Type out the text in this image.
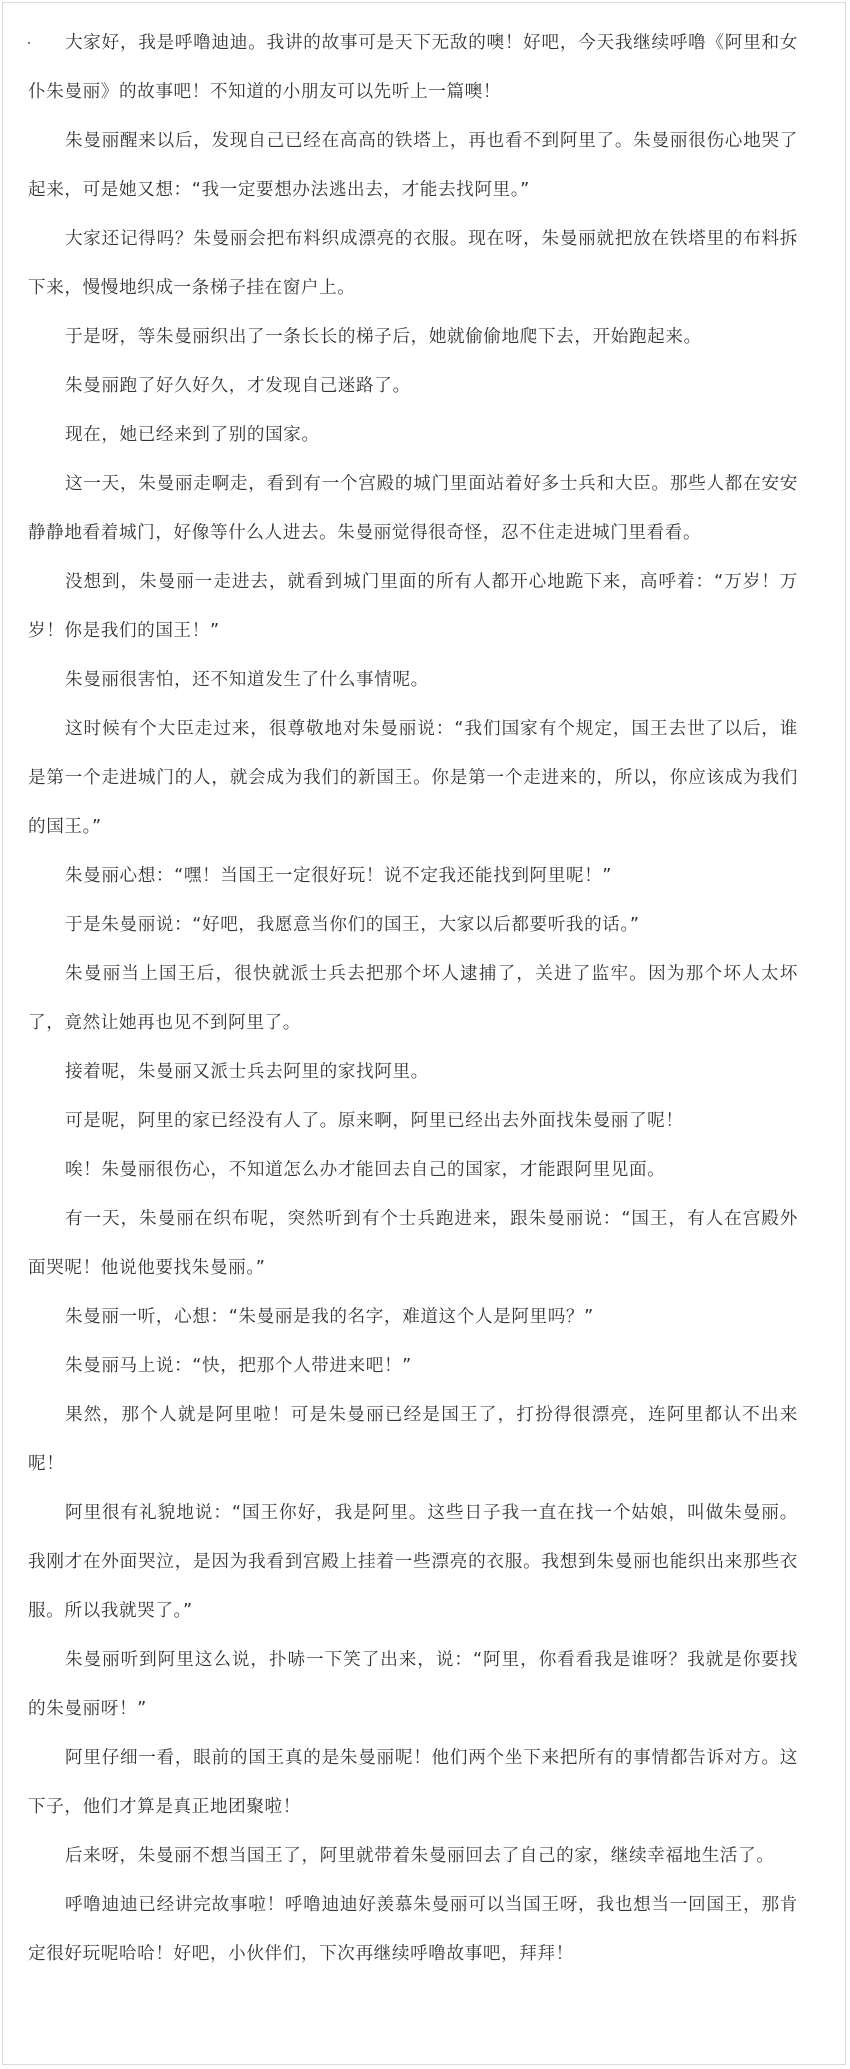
大家好，我是呼噜迪迪。我讲的故事可是天下无敌的噢！好吧，今天我继续呼噜《阿里和女仆朱曼丽》的故事吧！不知道的小朋友可以先听上一篇噢！

朱曼丽醒来以后，发现自己已经在高高的铁塔上，再也看不到阿里了。朱曼丽很伤心地哭了起来，可是她又想：“我一定要想办法逃出去，才能去找阿里。”

大家还记得吗？朱曼丽会把布料织成漂亮的衣服。现在呀，朱曼丽就把放在铁塔里的布料拆下来，慢慢地织成一条梯子挂在窗户上。

于是呀，等朱曼丽织出了一条长长的梯子后，她就偷偷地爬下去，开始跑起来。

朱曼丽跑了好久好久，才发现自己迷路了。

现在，她已经来到了别的国家。

这一天，朱曼丽走啊走，看到有一个宫殿的城门里面站着好多士兵和大臣。那些人都在安安静静地看着城门，好像等什么人进去。朱曼丽觉得很奇怪，忍不住走进城门里看看。

没想到，朱曼丽一走进去，就看到城门里面的所有人都开心地跪下来，高呼着：“万岁！万岁！你是我们的国王！”

朱曼丽很害怕，还不知道发生了什么事情呢。

这时候有个大臣走过来，很尊敬地对朱曼丽说：“我们国家有个规定，国王去世了以后，谁是第一个走进城门的人，就会成为我们的新国王。你是第一个走进来的，所以，你应该成为我们的国王。”

朱曼丽心想：“嘿！当国王一定很好玩！说不定我还能找到阿里呢！”

于是朱曼丽说：“好吧，我愿意当你们的国王，大家以后都要听我的话。”

朱曼丽当上国王后，很快就派士兵去把那个坏人逮捕了，关进了监牢。因为那个坏人太坏了，竟然让她再也见不到阿里了。

接着呢，朱曼丽又派士兵去阿里的家找阿里。

可是呢，阿里的家已经没有人了。原来啊，阿里已经出去外面找朱曼丽了呢！

唉！朱曼丽很伤心，不知道怎么办才能回去自己的国家，才能跟阿里见面。

有一天，朱曼丽在织布呢，突然听到有个士兵跑进来，跟朱曼丽说：“国王，有人在宫殿外面哭呢！他说他要找朱曼丽。”

朱曼丽一听，心想：“朱曼丽是我的名字，难道这个人是阿里吗？”

朱曼丽马上说：“快，把那个人带进来吧！”

果然，那个人就是阿里啦！可是朱曼丽已经是国王了，打扮得很漂亮，连阿里都认不出来呢！

阿里很有礼貌地说：“国王你好，我是阿里。这些日子我一直在找一个姑娘，叫做朱曼丽。我刚才在外面哭泣，是因为我看到宫殿上挂着一些漂亮的衣服。我想到朱曼丽也能织出来那些衣服。所以我就哭了。”

朱曼丽听到阿里这么说，扑哧一下笑了出来，说：“阿里，你看看我是谁呀？我就是你要找的朱曼丽呀！”

阿里仔细一看，眼前的国王真的是朱曼丽呢！他们两个坐下来把所有的事情都告诉对方。这下子，他们才算是真正地团聚啦！

后来呀，朱曼丽不想当国王了，阿里就带着朱曼丽回去了自己的家，继续幸福地生活了。

呼噜迪迪已经讲完故事啦！呼噜迪迪好羡慕朱曼丽可以当国王呀，我也想当一回国王，那肯定很好玩呢哈哈！好吧，小伙伴们，下次再继续呼噜故事吧，拜拜！
